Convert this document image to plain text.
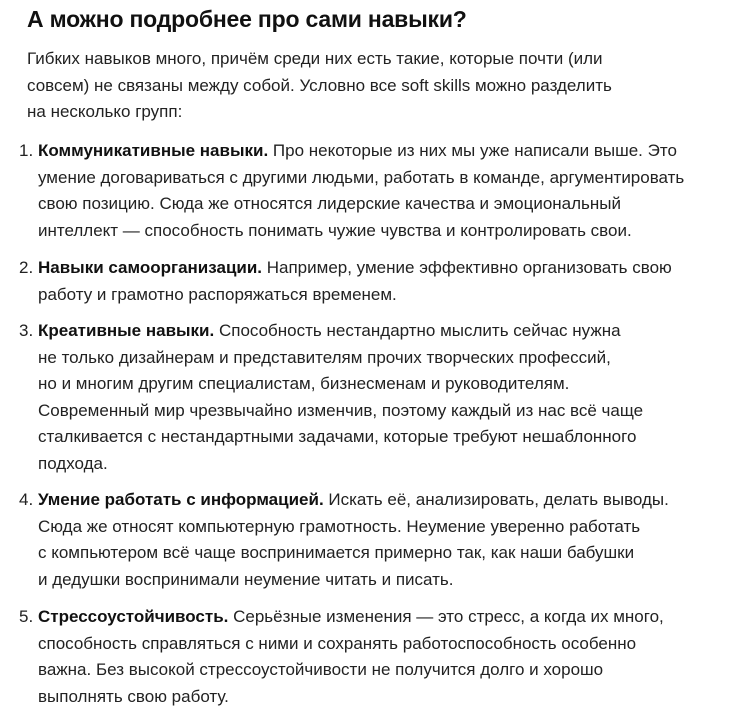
А можно подробнее про сами навыки?

Гибких навыков много, причём среди них есть такие, которые почти (или
совсем) не связаны между собой. Условно все soft skills можно разделить
на несколько групп:

1. Коммуникативные навыки. Про некоторые из них мы уже написали выше. Это
умение договариваться с другими людьми, работать в команде, аргументировать
свою позицию. Сюда же относятся лидерские качества и эмоциональный
интеллект — способность понимать чужие чувства и контролировать свои.
2. Навыки самоорганизации. Например, умение эффективно организовать свою
работу и грамотно распоряжаться временем.
3. Креативные навыки. Способность нестандартно мыслить сейчас нужна
не только дизайнерам и представителям прочих творческих профессий,
но и многим другим специалистам, бизнесменам и руководителям.
Современный мир чрезвычайно изменчив, поэтому каждый из нас всё чаще
сталкивается с нестандартными задачами, которые требуют нешаблонного
подхода.
4. Умение работать с информацией. Искать её, анализировать, делать выводы.
Сюда же относят компьютерную грамотность. Неумение уверенно работать
с компьютером всё чаще воспринимается примерно так, как наши бабушки
и дедушки воспринимали неумение читать и писать.
5. Стрессоустойчивость. Серьёзные изменения — это стресс, а когда их много,
способность справляться с ними и сохранять работоспособность особенно
важна. Без высокой стрессоустойчивости не получится долго и хорошо
выполнять свою работу.
